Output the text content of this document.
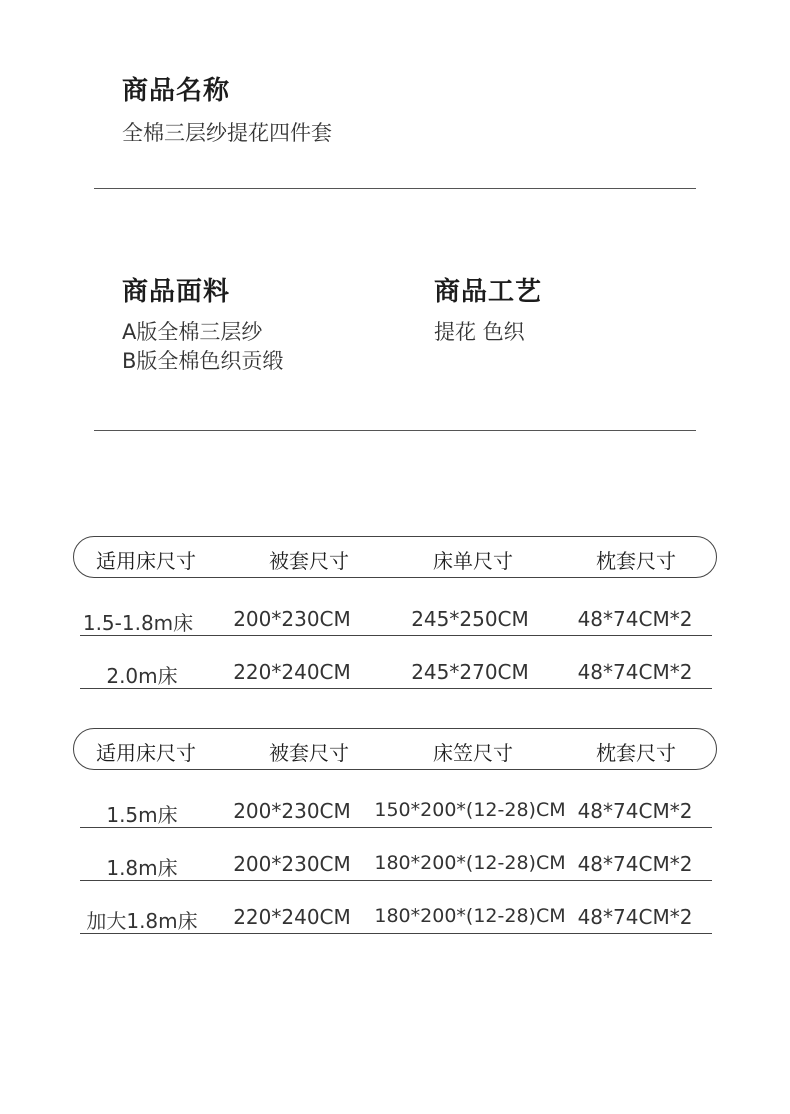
商品名称
全棉三层纱提花四件套
商品面料
A版全棉三层纱
B版全棉色织贡缎
商品工艺
提花 色织
适用床尺寸	被套尺寸	床单尺寸	枕套尺寸
1.5-1.8m床 200*230CM	245*250CM 48*74CM*2
2.0m床	220*240CM	245*270CM 48*74CM*2
适用床尺寸	被套尺寸	床笠尺寸	枕套尺寸
1.5m床	200*230CM 150*200*(12-28)CM 48*74CM*2
1.8m床	200*230CM 180*200*(12-28)CM 48*74CM*2
加大1.8m床 220*240CM 180*200*(12-28)CM 48*74CM*2
